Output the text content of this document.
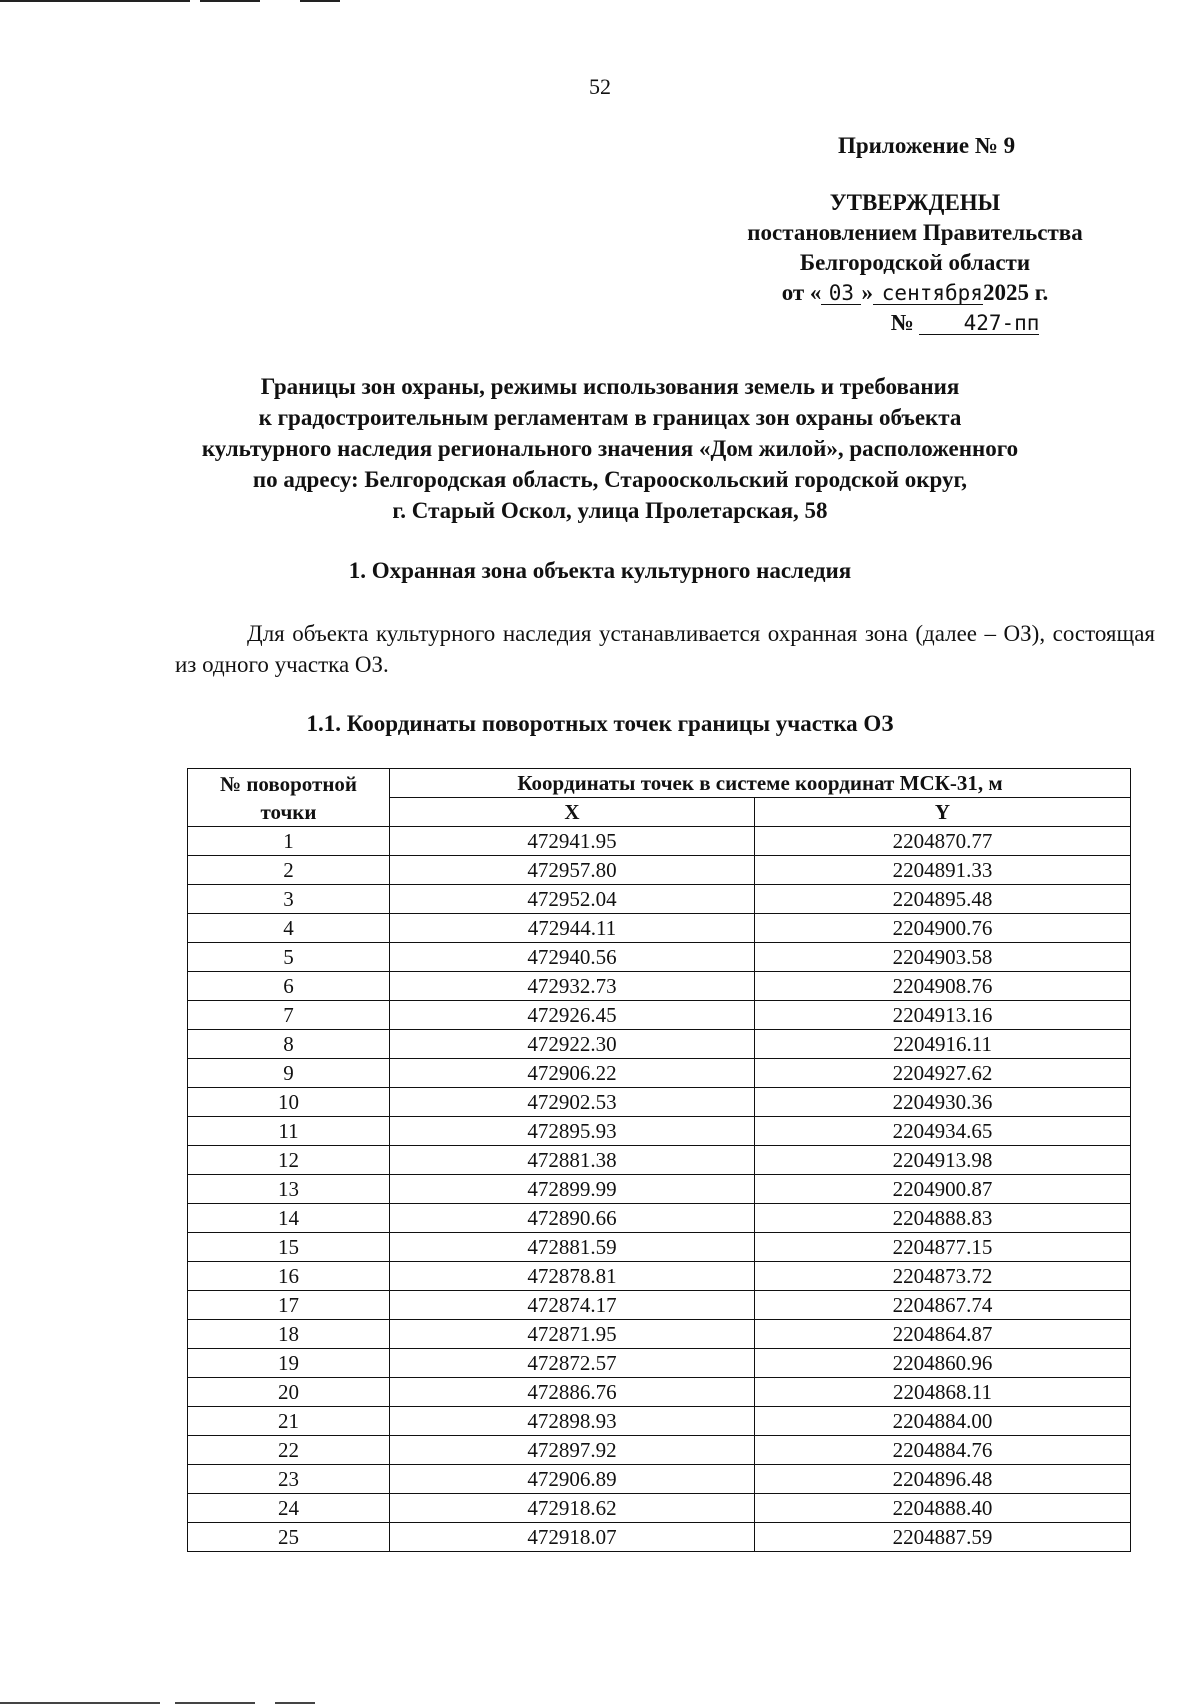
52
Приложение № 9
УТВЕРЖДЕНЫ
постановлением Правительства
Белгородской области
от « 03 » сентября2025 г.
№ 427-пп
Границы зон охраны, режимы использования земель и требования
к градостроительным регламентам в границах зон охраны объекта
культурного наследия регионального значения «Дом жилой», расположенного
по адресу: Белгородская область, Старооскольский городской округ,
г. Старый Оскол, улица Пролетарская, 58
1. Охранная зона объекта культурного наследия
Для объекта культурного наследия устанавливается охранная зона (далее – ОЗ), состоящая из одного участка ОЗ.
1.1. Координаты поворотных точек границы участка ОЗ
№ поворотной точки	Координаты точек в системе координат МСК-31, м	
	X	Y
1	472941.95	2204870.77
2	472957.80	2204891.33
3	472952.04	2204895.48
4	472944.11	2204900.76
5	472940.56	2204903.58
6	472932.73	2204908.76
7	472926.45	2204913.16
8	472922.30	2204916.11
9	472906.22	2204927.62
10	472902.53	2204930.36
11	472895.93	2204934.65
12	472881.38	2204913.98
13	472899.99	2204900.87
14	472890.66	2204888.83
15	472881.59	2204877.15
16	472878.81	2204873.72
17	472874.17	2204867.74
18	472871.95	2204864.87
19	472872.57	2204860.96
20	472886.76	2204868.11
21	472898.93	2204884.00
22	472897.92	2204884.76
23	472906.89	2204896.48
24	472918.62	2204888.40
25	472918.07	2204887.59
